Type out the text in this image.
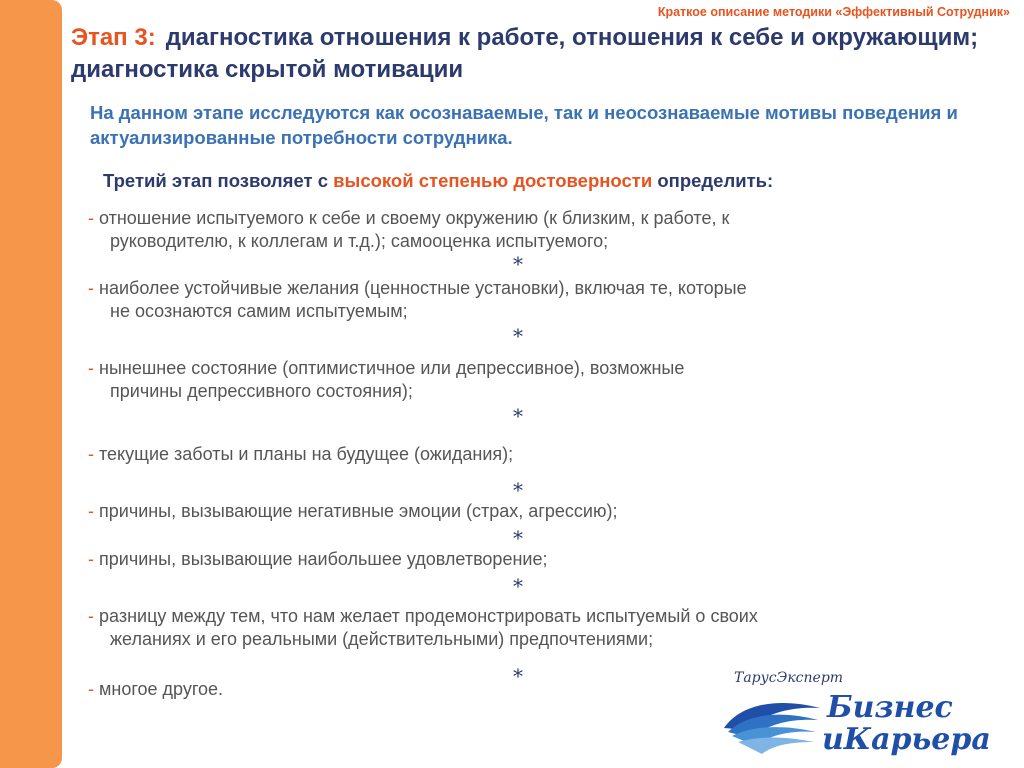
Краткое описание методики «Эффективный Сотрудник»
Этап 3: диагностика отношения к работе, отношения к себе и окружающим; диагностика скрытой мотивации
На данном этапе исследуются как осознаваемые, так и неосознаваемые мотивы поведения и актуализированные потребности сотрудника.
Третий этап позволяет с высокой степенью достоверности определить:
- отношение испытуемого к себе и своему окружению (к близким, к работе, к
руководителю, к коллегам и т.д.); самооценка испытуемого;
*
- наиболее устойчивые желания (ценностные установки), включая те, которые
не осознаются самим испытуемым;
*
- нынешнее состояние (оптимистичное или депрессивное), возможные
причины депрессивного состояния);
*
- текущие заботы и планы на будущее (ожидания);
*
- причины, вызывающие негативные эмоции (страх, агрессию);
*
- причины, вызывающие наибольшее удовлетворение;
*
- разницу между тем, что нам желает продемонстрировать испытуемый о своих
желаниях и его реальными (действительными) предпочтениями;
*
- многое другое.
ТарусЭксперт
Бизнес
иКарьера
